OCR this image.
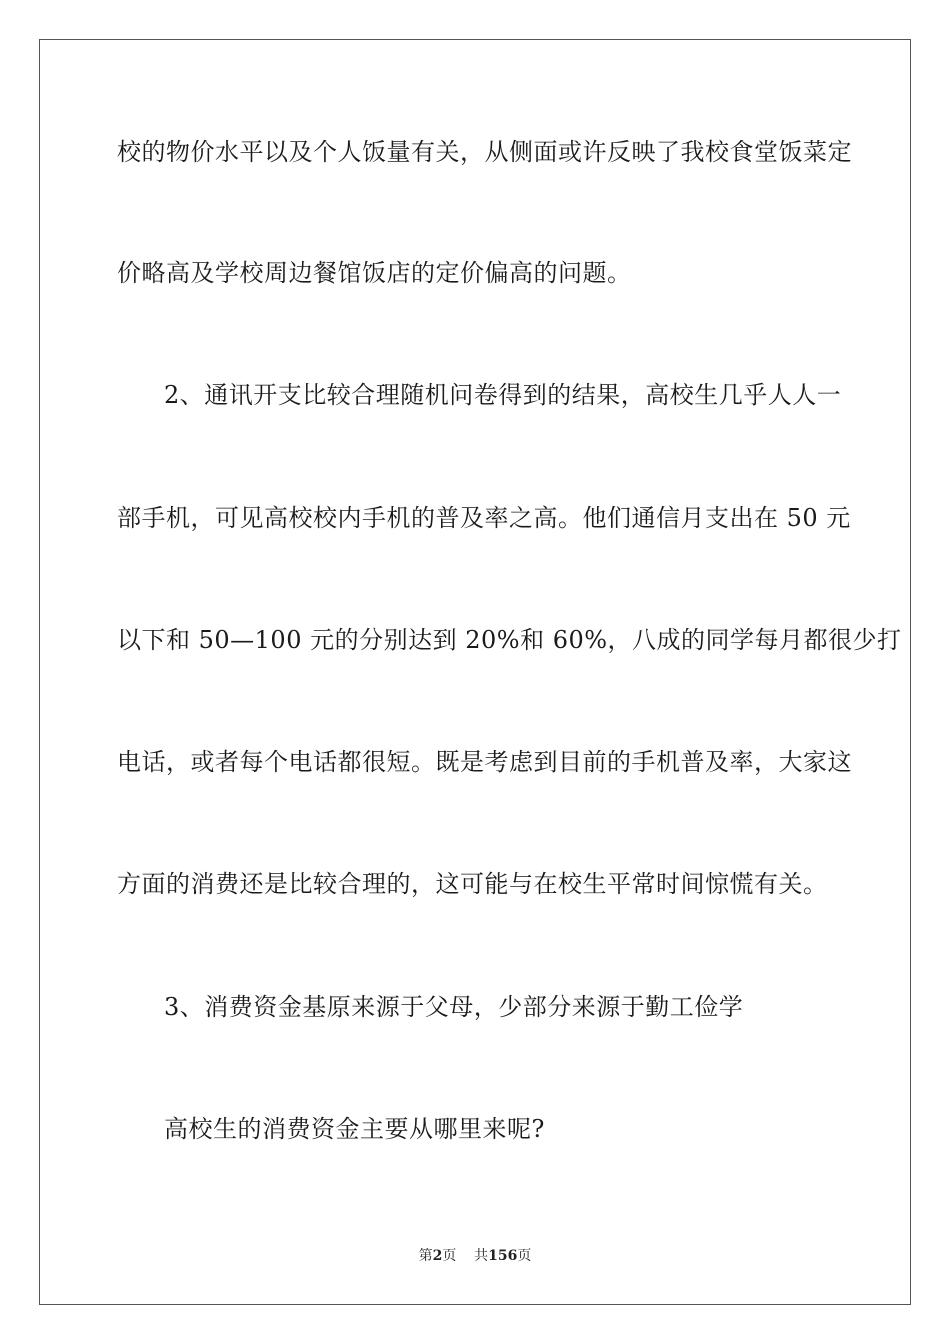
校的物价水平以及个人饭量有关，从侧面或许反映了我校食堂饭菜定
价略高及学校周边餐馆饭店的定价偏高的问题。
2、通讯开支比较合理随机问卷得到的结果，高校生几乎人人一
部手机，可见高校校内手机的普及率之高。他们通信月支出在 50 元
以下和 50—100 元的分别达到 20%和 60%，八成的同学每月都很少打
电话，或者每个电话都很短。既是考虑到目前的手机普及率，大家这
方面的消费还是比较合理的，这可能与在校生平常时间惊慌有关。
3、消费资金基原来源于父母，少部分来源于勤工俭学
高校生的消费资金主要从哪里来呢?
第2页 共156页
